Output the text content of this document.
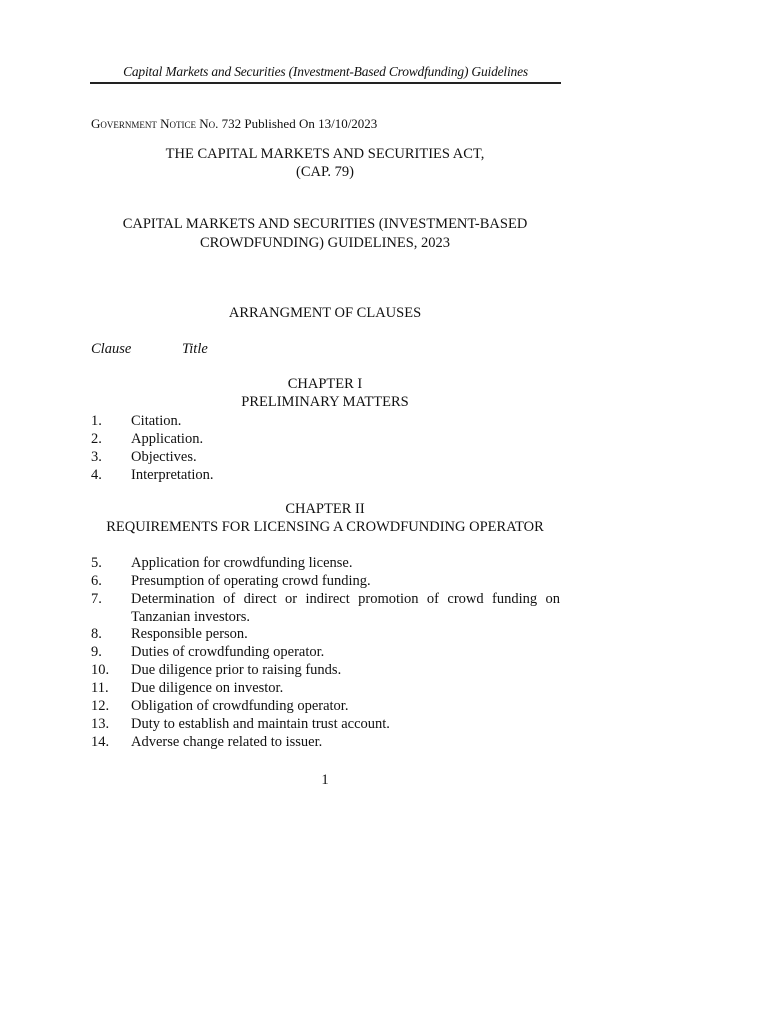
Capital Markets and Securities (Investment-Based Crowdfunding) Guidelines
Government Notice No. 732 Published On 13/10/2023
THE CAPITAL MARKETS AND SECURITIES ACT,
(CAP. 79)
CAPITAL MARKETS AND SECURITIES (INVESTMENT-BASED
CROWDFUNDING) GUIDELINES, 2023
ARRANGMENT OF CLAUSES
Clause	Title
CHAPTER I
PRELIMINARY MATTERS
1. Citation.
2. Application.
3. Objectives.
4. Interpretation.
CHAPTER II
REQUIREMENTS FOR LICENSING A CROWDFUNDING OPERATOR
5. Application for crowdfunding license.
6. Presumption of operating crowd funding.
7. Determination of direct or indirect promotion of crowd funding on
Tanzanian investors.
8. Responsible person.
9. Duties of crowdfunding operator.
10. Due diligence prior to raising funds.
11. Due diligence on investor.
12. Obligation of crowdfunding operator.
13. Duty to establish and maintain trust account.
14. Adverse change related to issuer.
1
